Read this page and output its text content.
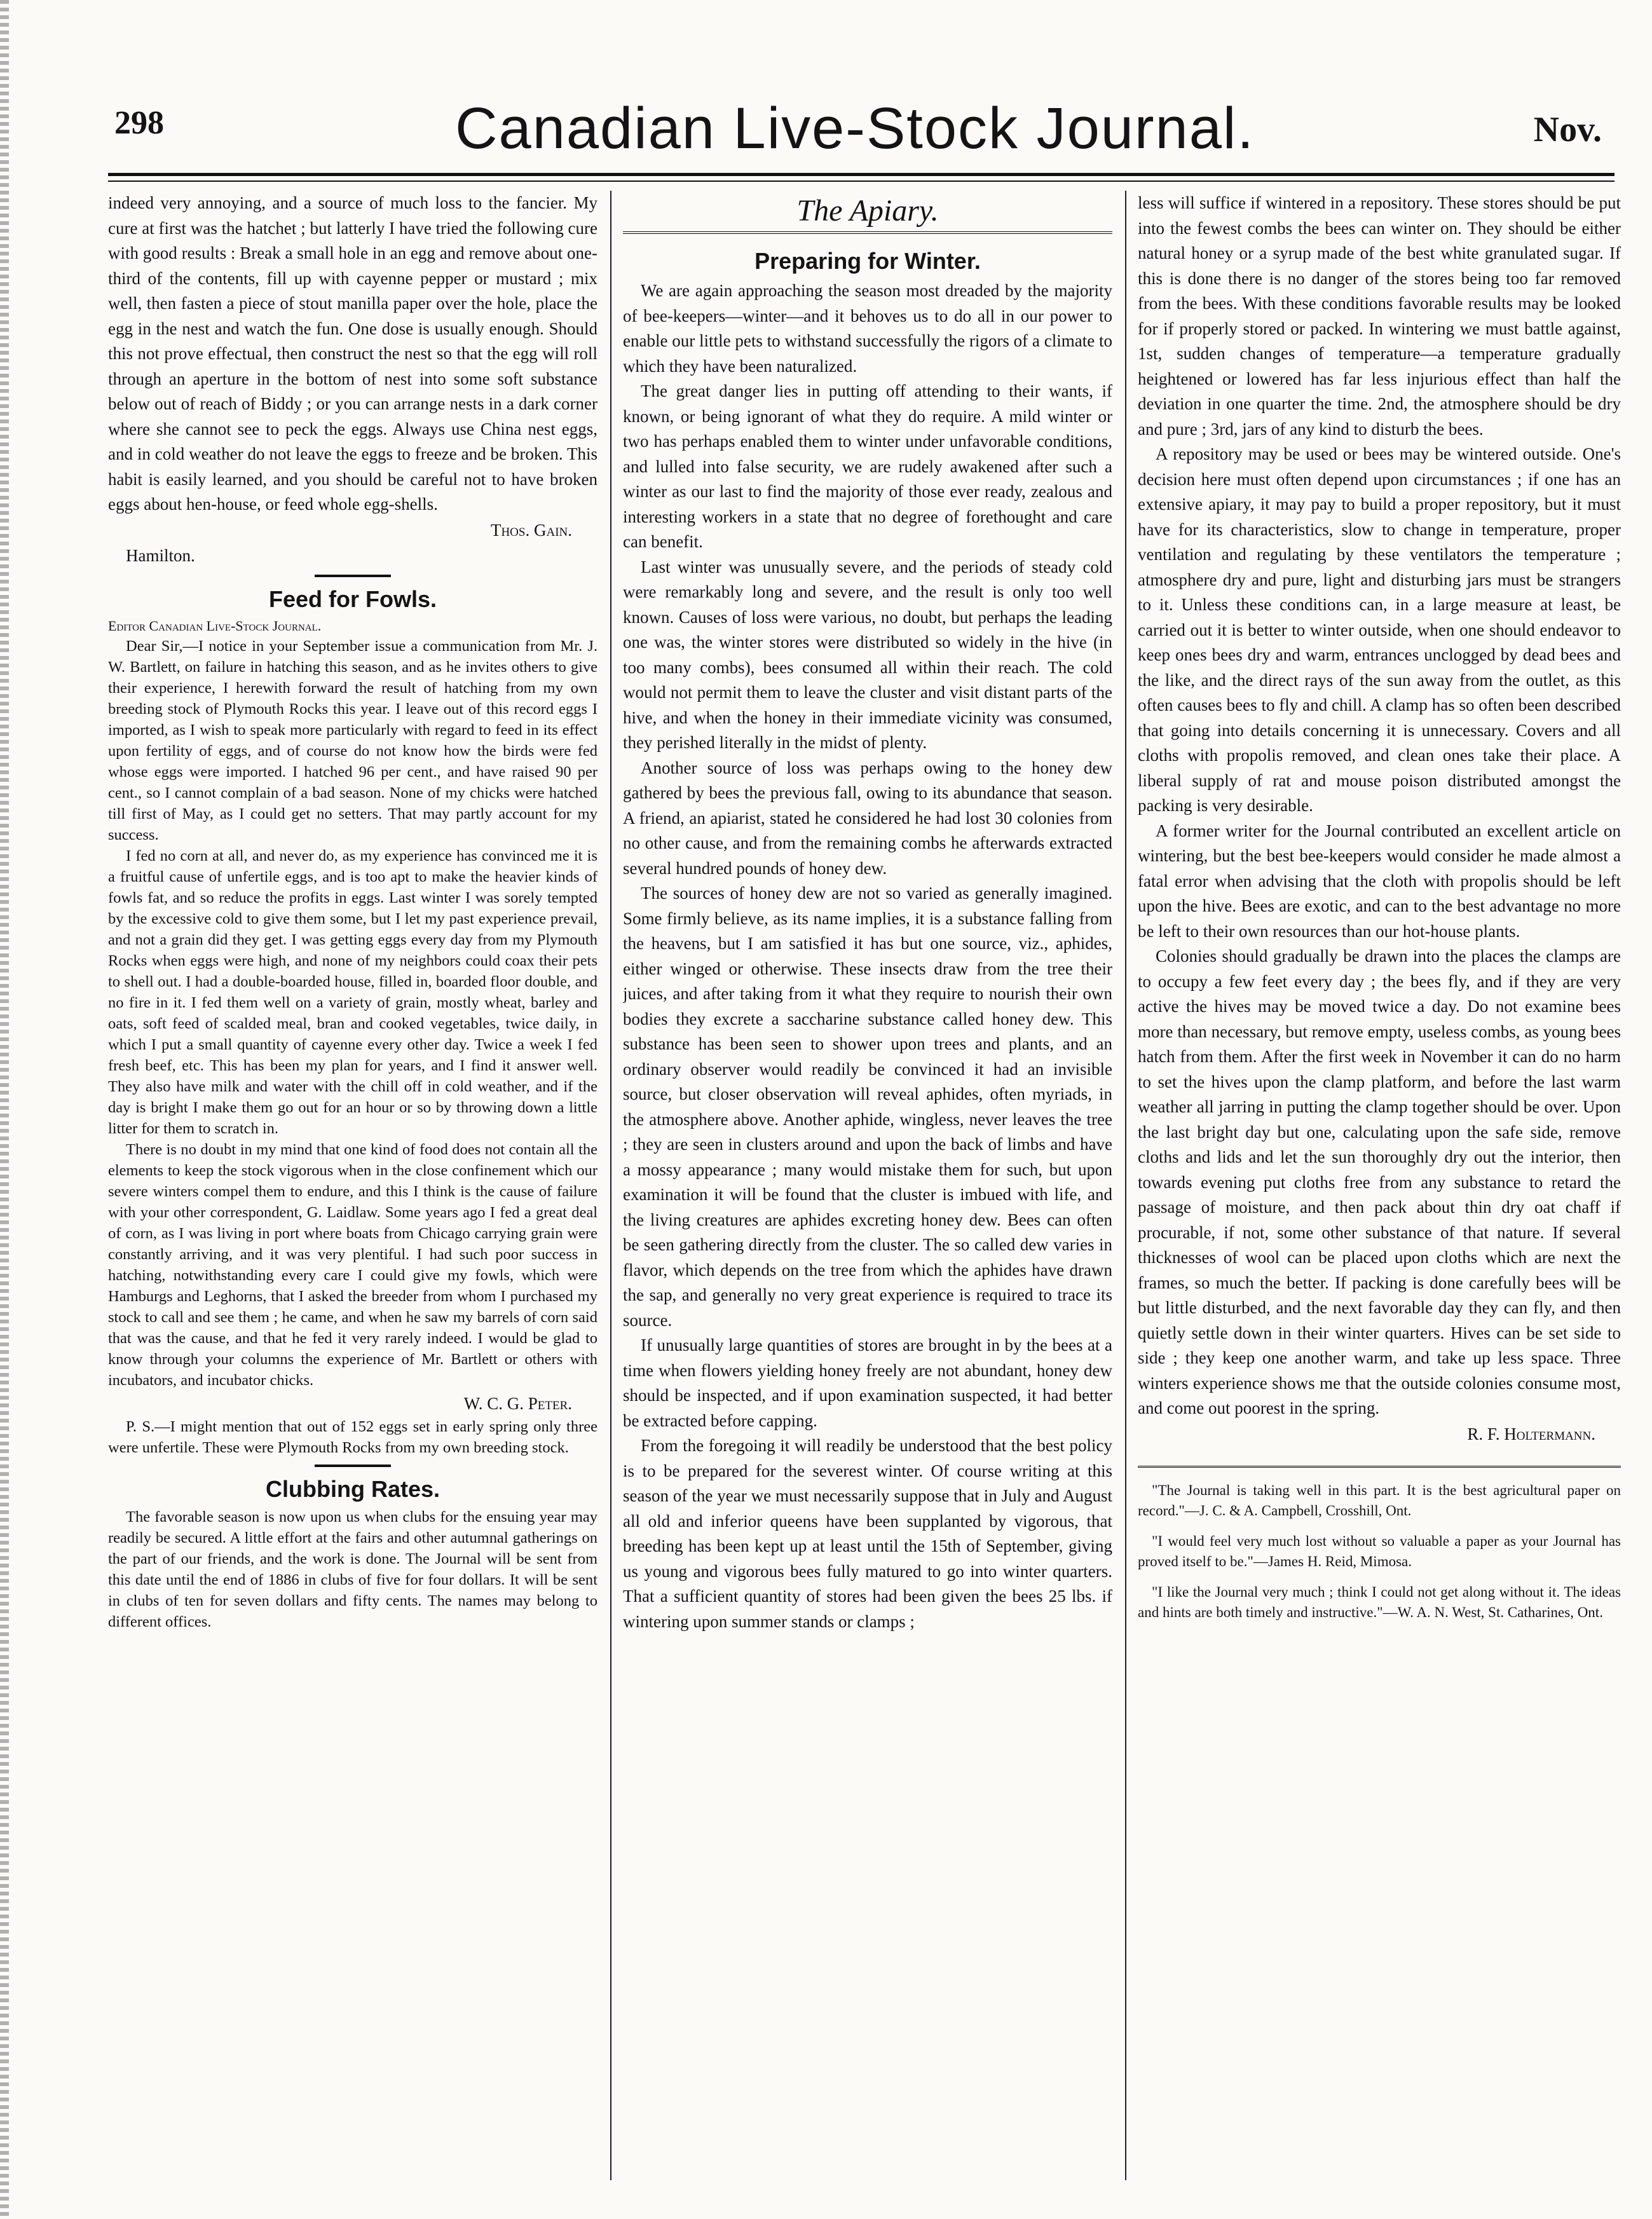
298	Canadian Live-Stock Journal.	Nov.

indeed very annoying, and a source of much loss to the fancier. My cure at first was the hatchet ; but latterly I have tried the following cure with good results : Break a small hole in an egg and remove about one-third of the contents, fill up with cayenne pepper or mustard ; mix well, then fasten a piece of stout manilla paper over the hole, place the egg in the nest and watch the fun. One dose is usually enough. Should this not prove effectual, then construct the nest so that the egg will roll through an aperture in the bottom of nest into some soft substance below out of reach of Biddy ; or you can arrange nests in a dark corner where she cannot see to peck the eggs. Always use China nest eggs, and in cold weather do not leave the eggs to freeze and be broken. This habit is easily learned, and you should be careful not to have broken eggs about hen-house, or feed whole egg-shells.

Thos. Gain.
Hamilton.
Feed for Fowls.
Editor Canadian Live-Stock Journal.

Dear Sir,—I notice in your September issue a communication from Mr. J. W. Bartlett, on failure in hatching this season, and as he invites others to give their experience, I herewith forward the result of hatching from my own breeding stock of Plymouth Rocks this year. I leave out of this record eggs I imported, as I wish to speak more particularly with regard to feed in its effect upon fertility of eggs, and of course do not know how the birds were fed whose eggs were imported. I hatched 96 per cent., and have raised 90 per cent., so I cannot complain of a bad season. None of my chicks were hatched till first of May, as I could get no setters. That may partly account for my success.

I fed no corn at all, and never do, as my experience has convinced me it is a fruitful cause of unfertile eggs, and is too apt to make the heavier kinds of fowls fat, and so reduce the profits in eggs. Last winter I was sorely tempted by the excessive cold to give them some, but I let my past experience prevail, and not a grain did they get. I was getting eggs every day from my Plymouth Rocks when eggs were high, and none of my neighbors could coax their pets to shell out. I had a double-boarded house, filled in, boarded floor double, and no fire in it. I fed them well on a variety of grain, mostly wheat, barley and oats, soft feed of scalded meal, bran and cooked vegetables, twice daily, in which I put a small quantity of cayenne every other day. Twice a week I fed fresh beef, etc. This has been my plan for years, and I find it answer well. They also have milk and water with the chill off in cold weather, and if the day is bright I make them go out for an hour or so by throwing down a little litter for them to scratch in.

There is no doubt in my mind that one kind of food does not contain all the elements to keep the stock vigorous when in the close confinement which our severe winters compel them to endure, and this I think is the cause of failure with your other correspondent, G. Laidlaw. Some years ago I fed a great deal of corn, as I was living in port where boats from Chicago carrying grain were constantly arriving, and it was very plentiful. I had such poor success in hatching, notwithstanding every care I could give my fowls, which were Hamburgs and Leghorns, that I asked the breeder from whom I purchased my stock to call and see them ; he came, and when he saw my barrels of corn said that was the cause, and that he fed it very rarely indeed. I would be glad to know through your columns the experience of Mr. Bartlett or others with incubators, and incubator chicks.

W. C. G. Peter.

P. S.—I might mention that out of 152 eggs set in early spring only three were unfertile. These were Plymouth Rocks from my own breeding stock.

Clubbing Rates.

The favorable season is now upon us when clubs for the ensuing year may readily be secured. A little effort at the fairs and other autumnal gatherings on the part of our friends, and the work is done. The Journal will be sent from this date until the end of 1886 in clubs of five for four dollars. It will be sent in clubs of ten for seven dollars and fifty cents. The names may belong to different offices.

The Apiary.
Preparing for Winter.

We are again approaching the season most dreaded by the majority of bee-keepers—winter—and it behoves us to do all in our power to enable our little pets to withstand successfully the rigors of a climate to which they have been naturalized.

The great danger lies in putting off attending to their wants, if known, or being ignorant of what they do require. A mild winter or two has perhaps enabled them to winter under unfavorable conditions, and lulled into false security, we are rudely awakened after such a winter as our last to find the majority of those ever ready, zealous and interesting workers in a state that no degree of forethought and care can benefit.

Last winter was unusually severe, and the periods of steady cold were remarkably long and severe, and the result is only too well known. Causes of loss were various, no doubt, but perhaps the leading one was, the winter stores were distributed so widely in the hive (in too many combs), bees consumed all within their reach. The cold would not permit them to leave the cluster and visit distant parts of the hive, and when the honey in their immediate vicinity was consumed, they perished literally in the midst of plenty.

Another source of loss was perhaps owing to the honey dew gathered by bees the previous fall, owing to its abundance that season. A friend, an apiarist, stated he considered he had lost 30 colonies from no other cause, and from the remaining combs he afterwards extracted several hundred pounds of honey dew.

The sources of honey dew are not so varied as generally imagined. Some firmly believe, as its name implies, it is a substance falling from the heavens, but I am satisfied it has but one source, viz., aphides, either winged or otherwise. These insects draw from the tree their juices, and after taking from it what they require to nourish their own bodies they excrete a saccharine substance called honey dew. This substance has been seen to shower upon trees and plants, and an ordinary observer would readily be convinced it had an invisible source, but closer observation will reveal aphides, often myriads, in the atmosphere above. Another aphide, wingless, never leaves the tree ; they are seen in clusters around and upon the back of limbs and have a mossy appearance ; many would mistake them for such, but upon examination it will be found that the cluster is imbued with life, and the living creatures are aphides excreting honey dew. Bees can often be seen gathering directly from the cluster. The so called dew varies in flavor, which depends on the tree from which the aphides have drawn the sap, and generally no very great experience is required to trace its source.

If unusually large quantities of stores are brought in by the bees at a time when flowers yielding honey freely are not abundant, honey dew should be inspected, and if upon examination suspected, it had better be extracted before capping.

From the foregoing it will readily be understood that the best policy is to be prepared for the severest winter. Of course writing at this season of the year we must necessarily suppose that in July and August all old and inferior queens have been supplanted by vigorous, that breeding has been kept up at least until the 15th of September, giving us young and vigorous bees fully matured to go into winter quarters. That a sufficient quantity of stores had been given the bees 25 lbs. if wintering upon summer stands or clamps ;

less will suffice if wintered in a repository. These stores should be put into the fewest combs the bees can winter on. They should be either natural honey or a syrup made of the best white granulated sugar. If this is done there is no danger of the stores being too far removed from the bees. With these conditions favorable results may be looked for if properly stored or packed. In wintering we must battle against, 1st, sudden changes of temperature—a temperature gradually heightened or lowered has far less injurious effect than half the deviation in one quarter the time. 2nd, the atmosphere should be dry and pure ; 3rd, jars of any kind to disturb the bees.

A repository may be used or bees may be wintered outside. One's decision here must often depend upon circumstances ; if one has an extensive apiary, it may pay to build a proper repository, but it must have for its characteristics, slow to change in temperature, proper ventilation and regulating by these ventilators the temperature ; atmosphere dry and pure, light and disturbing jars must be strangers to it. Unless these conditions can, in a large measure at least, be carried out it is better to winter outside, when one should endeavor to keep ones bees dry and warm, entrances unclogged by dead bees and the like, and the direct rays of the sun away from the outlet, as this often causes bees to fly and chill. A clamp has so often been described that going into details concerning it is unnecessary. Covers and all cloths with propolis removed, and clean ones take their place. A liberal supply of rat and mouse poison distributed amongst the packing is very desirable.

A former writer for the Journal contributed an excellent article on wintering, but the best bee-keepers would consider he made almost a fatal error when advising that the cloth with propolis should be left upon the hive. Bees are exotic, and can to the best advantage no more be left to their own resources than our hot-house plants.

Colonies should gradually be drawn into the places the clamps are to occupy a few feet every day ; the bees fly, and if they are very active the hives may be moved twice a day. Do not examine bees more than necessary, but remove empty, useless combs, as young bees hatch from them. After the first week in November it can do no harm to set the hives upon the clamp platform, and before the last warm weather all jarring in putting the clamp together should be over. Upon the last bright day but one, calculating upon the safe side, remove cloths and lids and let the sun thoroughly dry out the interior, then towards evening put cloths free from any substance to retard the passage of moisture, and then pack about thin dry oat chaff if procurable, if not, some other substance of that nature. If several thicknesses of wool can be placed upon cloths which are next the frames, so much the better. If packing is done carefully bees will be but little disturbed, and the next favorable day they can fly, and then quietly settle down in their winter quarters. Hives can be set side to side ; they keep one another warm, and take up less space. Three winters experience shows me that the outside colonies consume most, and come out poorest in the spring.

R. F. Holtermann.

"The Journal is taking well in this part. It is the best agricultural paper on record."—J. C. & A. Campbell, Crosshill, Ont.

"I would feel very much lost without so valuable a paper as your Journal has proved itself to be."—James H. Reid, Mimosa.

"I like the Journal very much ; think I could not get along without it. The ideas and hints are both timely and instructive."—W. A. N. West, St. Catharines, Ont.
